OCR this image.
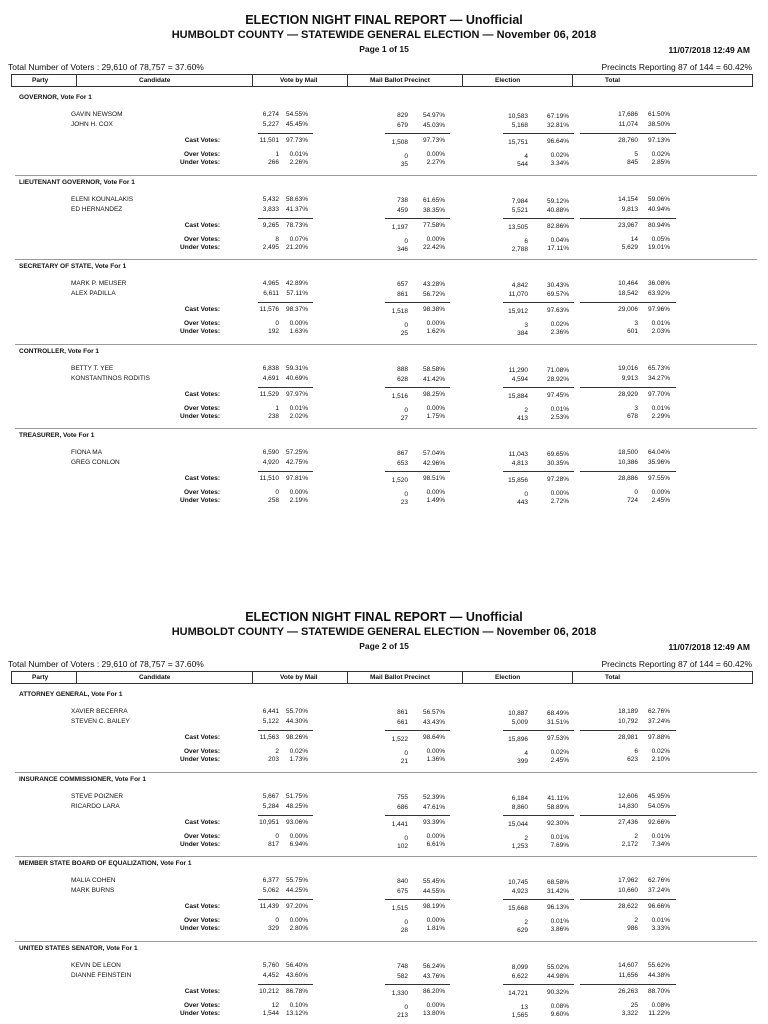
ELECTION NIGHT FINAL REPORT — Unofficial
HUMBOLDT COUNTY — STATEWIDE GENERAL ELECTION — November 06, 2018
Page 1 of 15	11/07/2018 12:49 AM
Total Number of Voters : 29,610 of 78,757 = 37.60%	Precincts Reporting 87 of 144 = 60.42%
Party	Candidate	Vote by Mail	Mail Ballot Precinct	Election	Total
GOVERNOR, Vote For 1
GAVIN NEWSOM	6,274	54.55%	829	54.97%	10,583	67.19%	17,686	61.50%
JOHN H. COX	5,227	45.45%	679	45.03%	5,168	32.81%	11,074	38.50%
Cast Votes:	11,501	97.73%	1,508	97.73%	15,751	96.64%	28,760	97.13%
Over Votes:	1	0.01%	0	0.00%	4	0.02%	5	0.02%
Under Votes:	266	2.26%	35	2.27%	544	3.34%	845	2.85%
LIEUTENANT GOVERNOR, Vote For 1
ELENI KOUNALAKIS	5,432	58.63%	738	61.65%	7,984	59.12%	14,154	59.06%
ED HERNANDEZ	3,833	41.37%	459	38.35%	5,521	40.88%	9,813	40.94%
Cast Votes:	9,265	78.73%	1,197	77.58%	13,505	82.86%	23,967	80.94%
Over Votes:	8	0.07%	0	0.00%	6	0.04%	14	0.05%
Under Votes:	2,495	21.20%	346	22.42%	2,788	17.11%	5,629	19.01%
SECRETARY OF STATE, Vote For 1
MARK P. MEUSER	4,965	42.89%	657	43.28%	4,842	30.43%	10,464	36.08%
ALEX PADILLA	6,611	57.11%	861	56.72%	11,070	69.57%	18,542	63.92%
Cast Votes:	11,576	98.37%	1,518	98.38%	15,912	97.63%	29,006	97.96%
Over Votes:	0	0.00%	0	0.00%	3	0.02%	3	0.01%
Under Votes:	192	1.63%	25	1.62%	384	2.36%	601	2.03%
CONTROLLER, Vote For 1
BETTY T. YEE	6,838	59.31%	888	58.58%	11,290	71.08%	19,016	65.73%
KONSTANTINOS RODITIS	4,691	40.69%	628	41.42%	4,594	28.92%	9,913	34.27%
Cast Votes:	11,529	97.97%	1,516	98.25%	15,884	97.45%	28,929	97.70%
Over Votes:	1	0.01%	0	0.00%	2	0.01%	3	0.01%
Under Votes:	238	2.02%	27	1.75%	413	2.53%	678	2.29%
TREASURER, Vote For 1
FIONA MA	6,590	57.25%	867	57.04%	11,043	69.65%	18,500	64.04%
GREG CONLON	4,920	42.75%	653	42.96%	4,813	30.35%	10,386	35.96%
Cast Votes:	11,510	97.81%	1,520	98.51%	15,856	97.28%	28,886	97.55%
Over Votes:	0	0.00%	0	0.00%	0	0.00%	0	0.00%
Under Votes:	258	2.19%	23	1.49%	443	2.72%	724	2.45%
ELECTION NIGHT FINAL REPORT — Unofficial
HUMBOLDT COUNTY — STATEWIDE GENERAL ELECTION — November 06, 2018
Page 2 of 15	11/07/2018 12:49 AM
Total Number of Voters : 29,610 of 78,757 = 37.60%	Precincts Reporting 87 of 144 = 60.42%
Party	Candidate	Vote by Mail	Mail Ballot Precinct	Election	Total
ATTORNEY GENERAL, Vote For 1
XAVIER BECERRA	6,441	55.70%	861	56.57%	10,887	68.49%	18,189	62.76%
STEVEN C. BAILEY	5,122	44.30%	661	43.43%	5,009	31.51%	10,792	37.24%
Cast Votes:	11,563	98.26%	1,522	98.64%	15,896	97.53%	28,981	97.88%
Over Votes:	2	0.02%	0	0.00%	4	0.02%	6	0.02%
Under Votes:	203	1.73%	21	1.36%	399	2.45%	623	2.10%
INSURANCE COMMISSIONER, Vote For 1
STEVE POIZNER	5,667	51.75%	755	52.39%	6,184	41.11%	12,606	45.95%
RICARDO LARA	5,284	48.25%	686	47.61%	8,860	58.89%	14,830	54.05%
Cast Votes:	10,951	93.06%	1,441	93.39%	15,044	92.30%	27,436	92.66%
Over Votes:	0	0.00%	0	0.00%	2	0.01%	2	0.01%
Under Votes:	817	6.94%	102	6.61%	1,253	7.69%	2,172	7.34%
MEMBER STATE BOARD OF EQUALIZATION, Vote For 1
MALIA COHEN	6,377	55.75%	840	55.45%	10,745	68.58%	17,962	62.76%
MARK BURNS	5,062	44.25%	675	44.55%	4,923	31.42%	10,660	37.24%
Cast Votes:	11,439	97.20%	1,515	98.19%	15,668	96.13%	28,622	96.66%
Over Votes:	0	0.00%	0	0.00%	2	0.01%	2	0.01%
Under Votes:	329	2.80%	28	1.81%	629	3.86%	986	3.33%
UNITED STATES SENATOR, Vote For 1
KEVIN DE LEON	5,760	56.40%	748	56.24%	8,099	55.02%	14,607	55.62%
DIANNE FEINSTEIN	4,452	43.60%	582	43.76%	6,622	44.98%	11,656	44.38%
Cast Votes:	10,212	86.78%	1,330	86.20%	14,721	90.32%	26,263	88.70%
Over Votes:	12	0.10%	0	0.00%	13	0.08%	25	0.08%
Under Votes:	1,544	13.12%	213	13.80%	1,565	9.60%	3,322	11.22%
